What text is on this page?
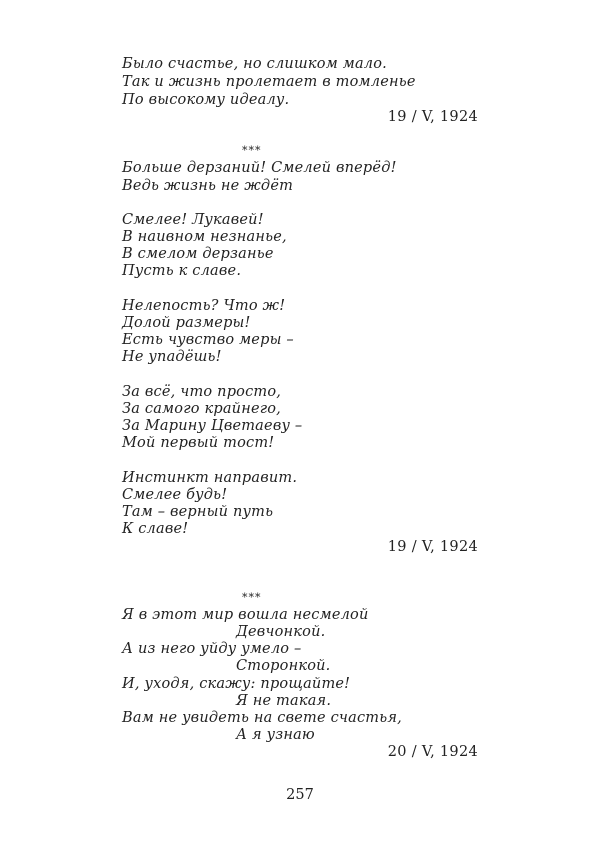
Было счастье, но слишком мало.
Так и жизнь пролетает в томленье
По высокому идеалу.
19 / V, 1924
***
Больше дерзаний! Смелей вперёд!
Ведь жизнь не ждёт
Смелее! Лукавей!
В наивном незнанье,
В смелом дерзанье
Пусть к славе.
Нелепость? Что ж!
Долой размеры!
Есть чувство меры –
Не упадёшь!
За всё, что просто,
За самого крайнего,
За Марину Цветаеву –
Мой первый тост!
Инстинкт направит.
Смелее будь!
Там – верный путь
К славе!
19 / V, 1924
***
Я в этот мир вошла несмелой
Девчонкой.
А из него уйду умело –
Сторонкой.
И, уходя, скажу: прощайте!
Я не такая.
Вам не увидеть на свете счастья,
А я узнаю
20 / V, 1924
257
